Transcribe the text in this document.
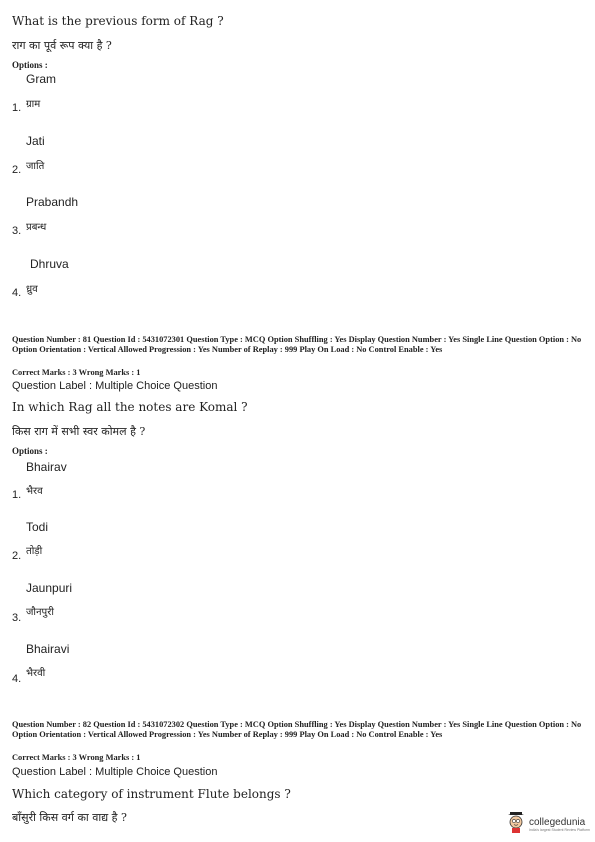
What is the previous form of Rag ?
राग का पूर्व रूप क्या है ?
Options :
Gram
1. ग्राम
Jati
2. जाति
Prabandh
3. प्रबन्ध
Dhruva
4. ध्रुव
Question Number : 81 Question Id : 5431072301 Question Type : MCQ Option Shuffling : Yes Display Question Number : Yes Single Line Question Option : No Option Orientation : Vertical Allowed Progression : Yes Number of Replay : 999 Play On Load : No Control Enable : Yes
Correct Marks : 3 Wrong Marks : 1
Question Label : Multiple Choice Question
In which Rag all the notes are Komal ?
किस राग में सभी स्वर कोमल है ?
Options :
Bhairav
1. भैरव
Todi
2. तोड़ी
Jaunpuri
3. जौनपुरी
Bhairavi
4. भैरवी
Question Number : 82 Question Id : 5431072302 Question Type : MCQ Option Shuffling : Yes Display Question Number : Yes Single Line Question Option : No Option Orientation : Vertical Allowed Progression : Yes Number of Replay : 999 Play On Load : No Control Enable : Yes
Correct Marks : 3 Wrong Marks : 1
Question Label : Multiple Choice Question
Which category of instrument Flute belongs ?
बाँसुरी किस वर्ग का वाद्य है ?	collegedunia
India's largest Student Review Platform
